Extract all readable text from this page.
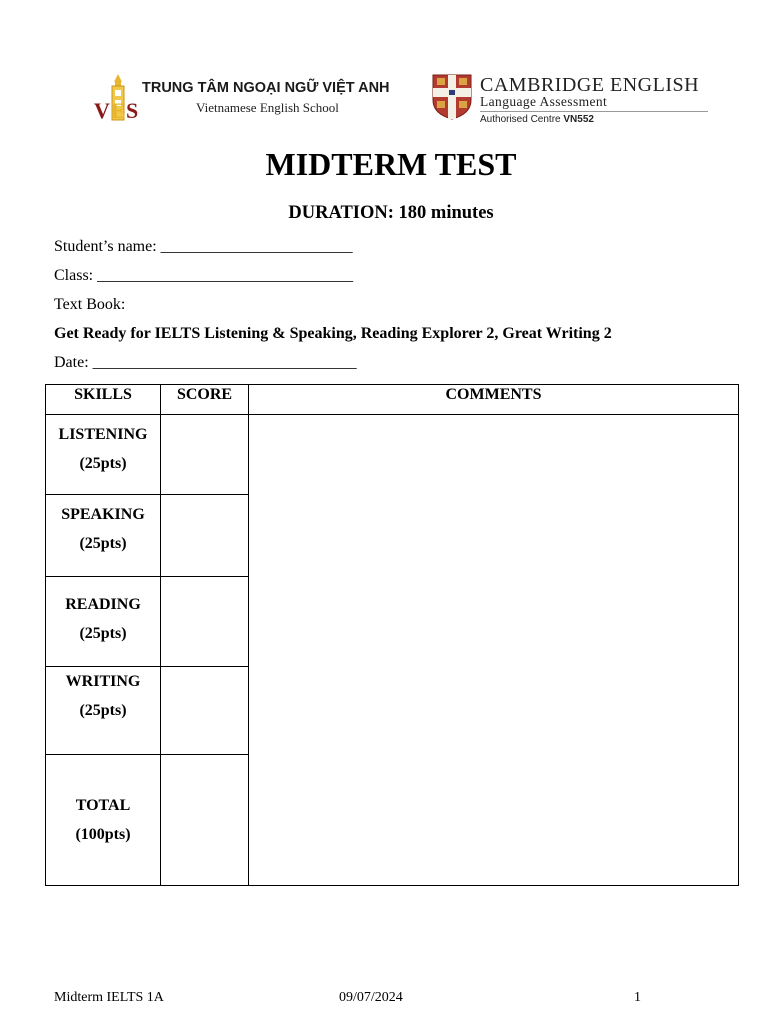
V E S
TRUNG TÂM NGOẠI NGỮ VIỆT ANH
Vietnamese English School
CAMBRIDGE ENGLISH
Language Assessment
Authorised Centre VN552
MIDTERM TEST
DURATION: 180 minutes
Student’s name: ________________________
Class: ________________________________
Text Book:
Get Ready for IELTS Listening & Speaking, Reading Explorer 2, Great Writing 2
Date: _________________________________
SKILLS	SCORE	COMMENTS

LISTENING
(25pts)		

SPEAKING
(25pts)		

READING
(25pts)		

WRITING
(25pts)		

TOTAL
(100pts)		

Midterm IELTS 1A	09/07/2024	1
